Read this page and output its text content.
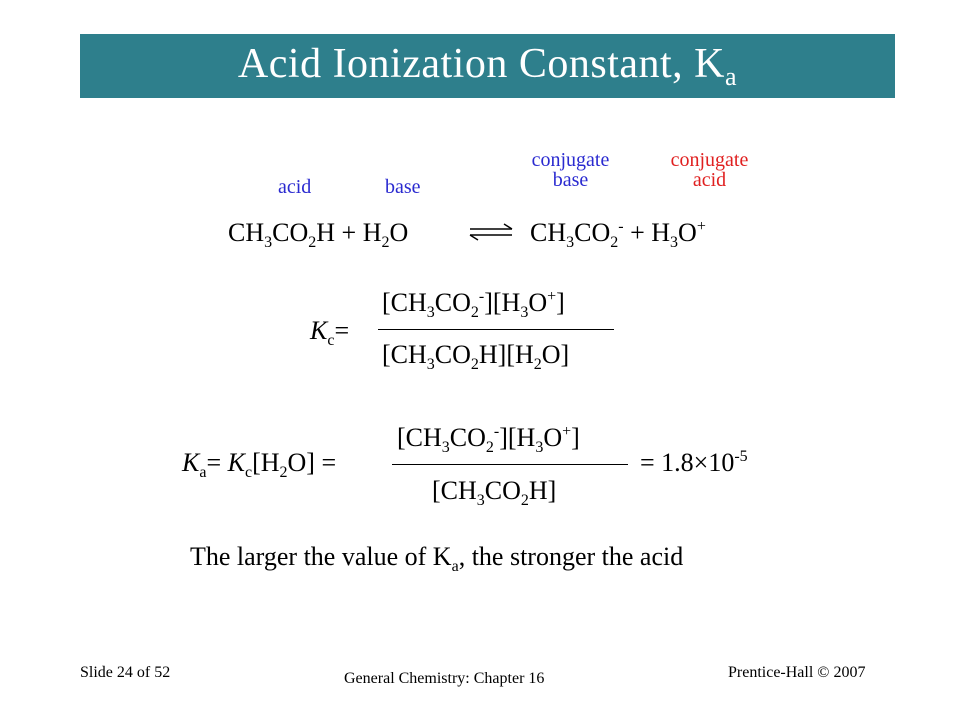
Acid Ionization Constant, $K_a$
acid	base
conjugate
base
conjugate
acid
$CH_3CO_2H + H_2O$	⇌ $CH_3CO_2^- + H_3O^+$
$K_c=$
$[CH_3CO_2^-][H_3O^+]$
$[CH_3CO_2H][H_2O]$
$K_a= K_c[H_2O]$ =
$[CH_3CO_2^-][H_3O^+]$
$[CH_3CO_2H]$
= $1.8\times 10^{-5}$
The larger the value of $K_a$, the stronger the acid
Slide 24 of 52	General Chemistry: Chapter 16	Prentice-Hall © 2007
